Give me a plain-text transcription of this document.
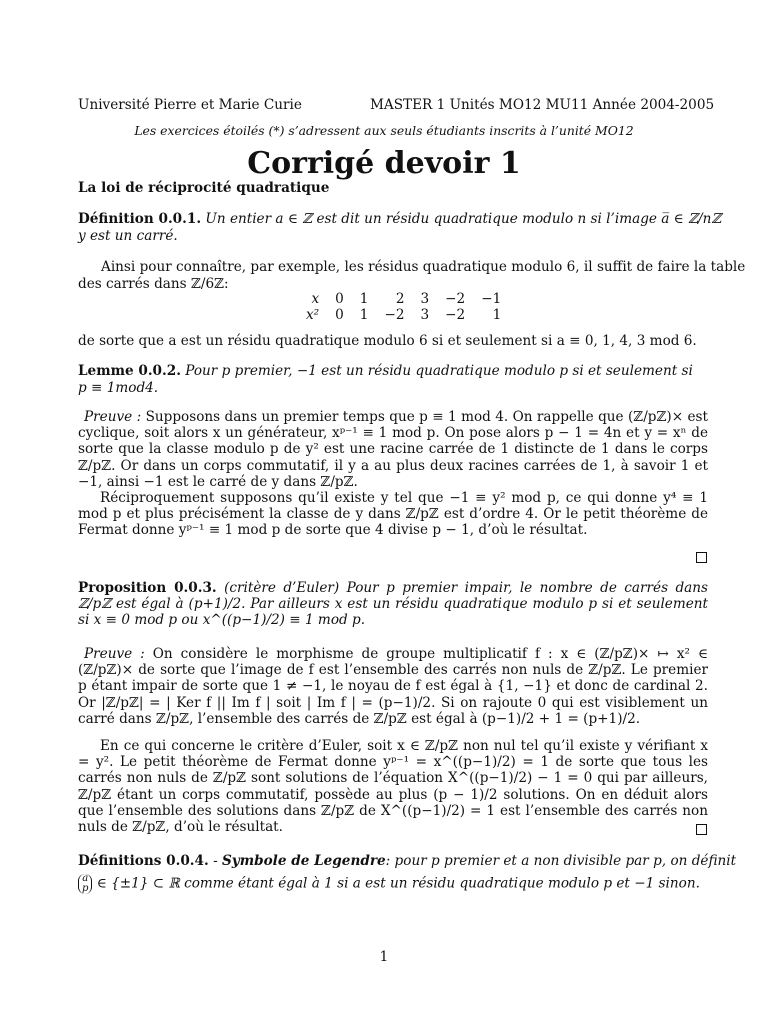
Université Pierre et Marie Curie	MASTER 1 Unités MO12 MU11 Année 2004-2005
Les exercices étoilés (*) s’adressent aux seuls étudiants inscrits à l’unité MO12
Corrigé devoir 1
La loi de réciprocité quadratique
Définition 0.0.1. Un entier a ∈ ℤ est dit un résidu quadratique modulo n si l’image a̅ ∈ ℤ/nℤ
y est un carré.
Ainsi pour connaître, par exemple, les résidus quadratique modulo 6, il suffit de faire la table
des carrés dans ℤ/6ℤ:
x	0	1	2	3	−2	−1
x²	0	1	−2	3	−2	1
de sorte que a est un résidu quadratique modulo 6 si et seulement si a ≡ 0, 1, 4, 3 mod 6.
Lemme 0.0.2. Pour p premier, −1 est un résidu quadratique modulo p si et seulement si
p ≡ 1mod4.
Preuve : Supposons dans un premier temps que p ≡ 1 mod 4. On rappelle que (ℤ/pℤ)× est cyclique, soit alors x un générateur, xᵖ⁻¹ ≡ 1 mod p. On pose alors p − 1 = 4n et y = xⁿ de sorte que la classe modulo p de y² est une racine carrée de 1 distincte de 1 dans le corps ℤ/pℤ. Or dans un corps commutatif, il y a au plus deux racines carrées de 1, à savoir 1 et −1, ainsi −1 est le carré de y dans ℤ/pℤ.
Réciproquement supposons qu’il existe y tel que −1 ≡ y² mod p, ce qui donne y⁴ ≡ 1 mod p et plus précisément la classe de y dans ℤ/pℤ est d’ordre 4. Or le petit théorème de Fermat donne yᵖ⁻¹ ≡ 1 mod p de sorte que 4 divise p − 1, d’où le résultat.
Proposition 0.0.3. (critère d’Euler) Pour p premier impair, le nombre de carrés dans ℤ/pℤ est égal à (p+1)/2. Par ailleurs x est un résidu quadratique modulo p si et seulement si x ≡ 0 mod p ou x^((p−1)/2) ≡ 1 mod p.
Preuve : On considère le morphisme de groupe multiplicatif f : x ∈ (ℤ/pℤ)× ↦ x² ∈ (ℤ/pℤ)× de sorte que l’image de f est l’ensemble des carrés non nuls de ℤ/pℤ. Le premier p étant impair de sorte que 1 ≠ −1, le noyau de f est égal à {1, −1} et donc de cardinal 2. Or |ℤ/pℤ| = | Ker f || Im f | soit | Im f | = (p−1)/2. Si on rajoute 0 qui est visiblement un carré dans ℤ/pℤ, l’ensemble des carrés de ℤ/pℤ est égal à (p−1)/2 + 1 = (p+1)/2.
En ce qui concerne le critère d’Euler, soit x ∈ ℤ/pℤ non nul tel qu’il existe y vérifiant x = y². Le petit théorème de Fermat donne yᵖ⁻¹ = x^((p−1)/2) = 1 de sorte que tous les carrés non nuls de ℤ/pℤ sont solutions de l’équation X^((p−1)/2) − 1 = 0 qui par ailleurs, ℤ/pℤ étant un corps commutatif, possède au plus (p − 1)/2 solutions. On en déduit alors que l’ensemble des solutions dans ℤ/pℤ de X^((p−1)/2) = 1 est l’ensemble des carrés non nuls de ℤ/pℤ, d’où le résultat.
Définitions 0.0.4. - Symbole de Legendre: pour p premier et a non divisible par p, on définit
a
p ∈ {±1} ⊂ ℝ comme étant égal à 1 si a est un résidu quadratique modulo p et −1 sinon.
1
